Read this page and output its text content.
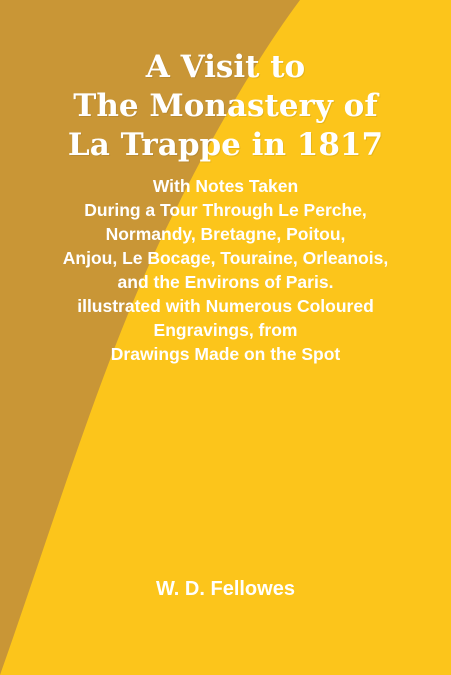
A Visit to
The Monastery of
La Trappe in 1817
With Notes Taken
During a Tour Through Le Perche,
Normandy, Bretagne, Poitou,
Anjou, Le Bocage, Touraine, Orleanois,
and the Environs of Paris.
illustrated with Numerous Coloured
Engravings, from
Drawings Made on the Spot
W. D. Fellowes
